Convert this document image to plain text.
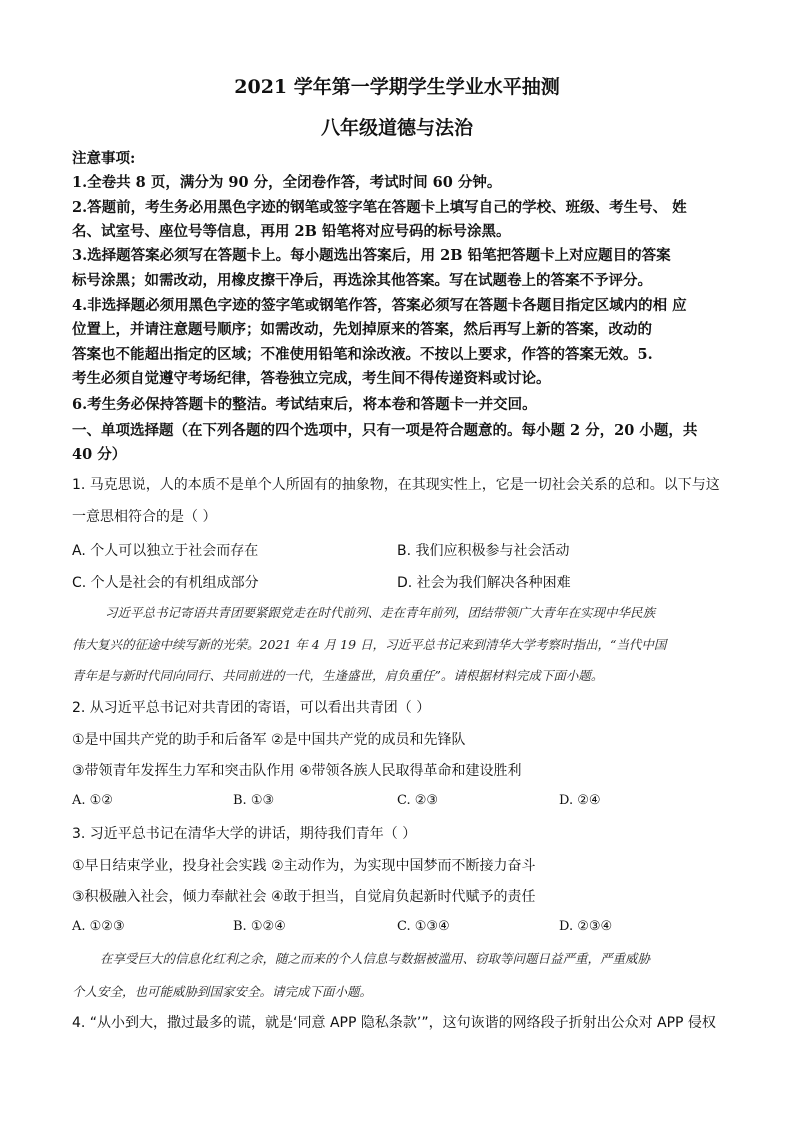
2021 学年第一学期学生学业水平抽测
八年级道德与法治
注意事项:
1.全卷共 8 页，满分为 90 分，全闭卷作答，考试时间 60 分钟。
2.答题前，考生务必用黑色字迹的钢笔或签字笔在答题卡上填写自己的学校、班级、考生号、 姓
名、试室号、座位号等信息，再用 2B 铅笔将对应号码的标号涂黑。
3.选择题答案必须写在答题卡上。每小题选出答案后，用 2B 铅笔把答题卡上对应题目的答案
标号涂黑；如需改动，用橡皮擦干净后，再选涂其他答案。写在试题卷上的答案不予评分。
4.非选择题必须用黑色字迹的签字笔或钢笔作答，答案必须写在答题卡各题目指定区域内的相 应
位置上，并请注意题号顺序；如需改动，先划掉原来的答案，然后再写上新的答案，改动的
答案也不能超出指定的区域；不准使用铅笔和涂改液。不按以上要求，作答的答案无效。5.
考生必须自觉遵守考场纪律，答卷独立完成，考生间不得传递资料或讨论。
6.考生务必保持答题卡的整洁。考试结束后，将本卷和答题卡一并交回。
一、单项选择题（在下列各题的四个选项中，只有一项是符合题意的。每小题 2 分，20 小题，共
40 分）
1. 马克思说，人的本质不是单个人所固有的抽象物，在其现实性上，它是一切社会关系的总和。以下与这
一意思相符合的是（ ）
A. 个人可以独立于社会而存在	B. 我们应积极参与社会活动
C. 个人是社会的有机组成部分	D. 社会为我们解决各种困难
习近平总书记寄语共青团要紧跟党走在时代前列、走在青年前列，团结带领广大青年在实现中华民族
伟大复兴的征途中续写新的光荣。2021 年 4 月 19 日，习近平总书记来到清华大学考察时指出，“当代中国
青年是与新时代同向同行、共同前进的一代，生逢盛世，肩负重任”。请根据材料完成下面小题。
2. 从习近平总书记对共青团的寄语，可以看出共青团（ ）
①是中国共产党的助手和后备军 ②是中国共产党的成员和先锋队
③带领青年发挥生力军和突击队作用 ④带领各族人民取得革命和建设胜利
A. ①②	B. ①③	C. ②③	D. ②④
3. 习近平总书记在清华大学的讲话，期待我们青年（ ）
①早日结束学业，投身社会实践 ②主动作为，为实现中国梦而不断接力奋斗
③积极融入社会，倾力奉献社会 ④敢于担当，自觉肩负起新时代赋予的责任
A. ①②③	B. ①②④	C. ①③④	D. ②③④
在享受巨大的信息化红利之余，随之而来的个人信息与数据被滥用、窃取等问题日益严重，严重威胁
个人安全，也可能威胁到国家安全。请完成下面小题。
4. “从小到大，撒过最多的谎，就是‘同意 APP 隐私条款’”，这句诙谐的网络段子折射出公众对 APP 侵权
